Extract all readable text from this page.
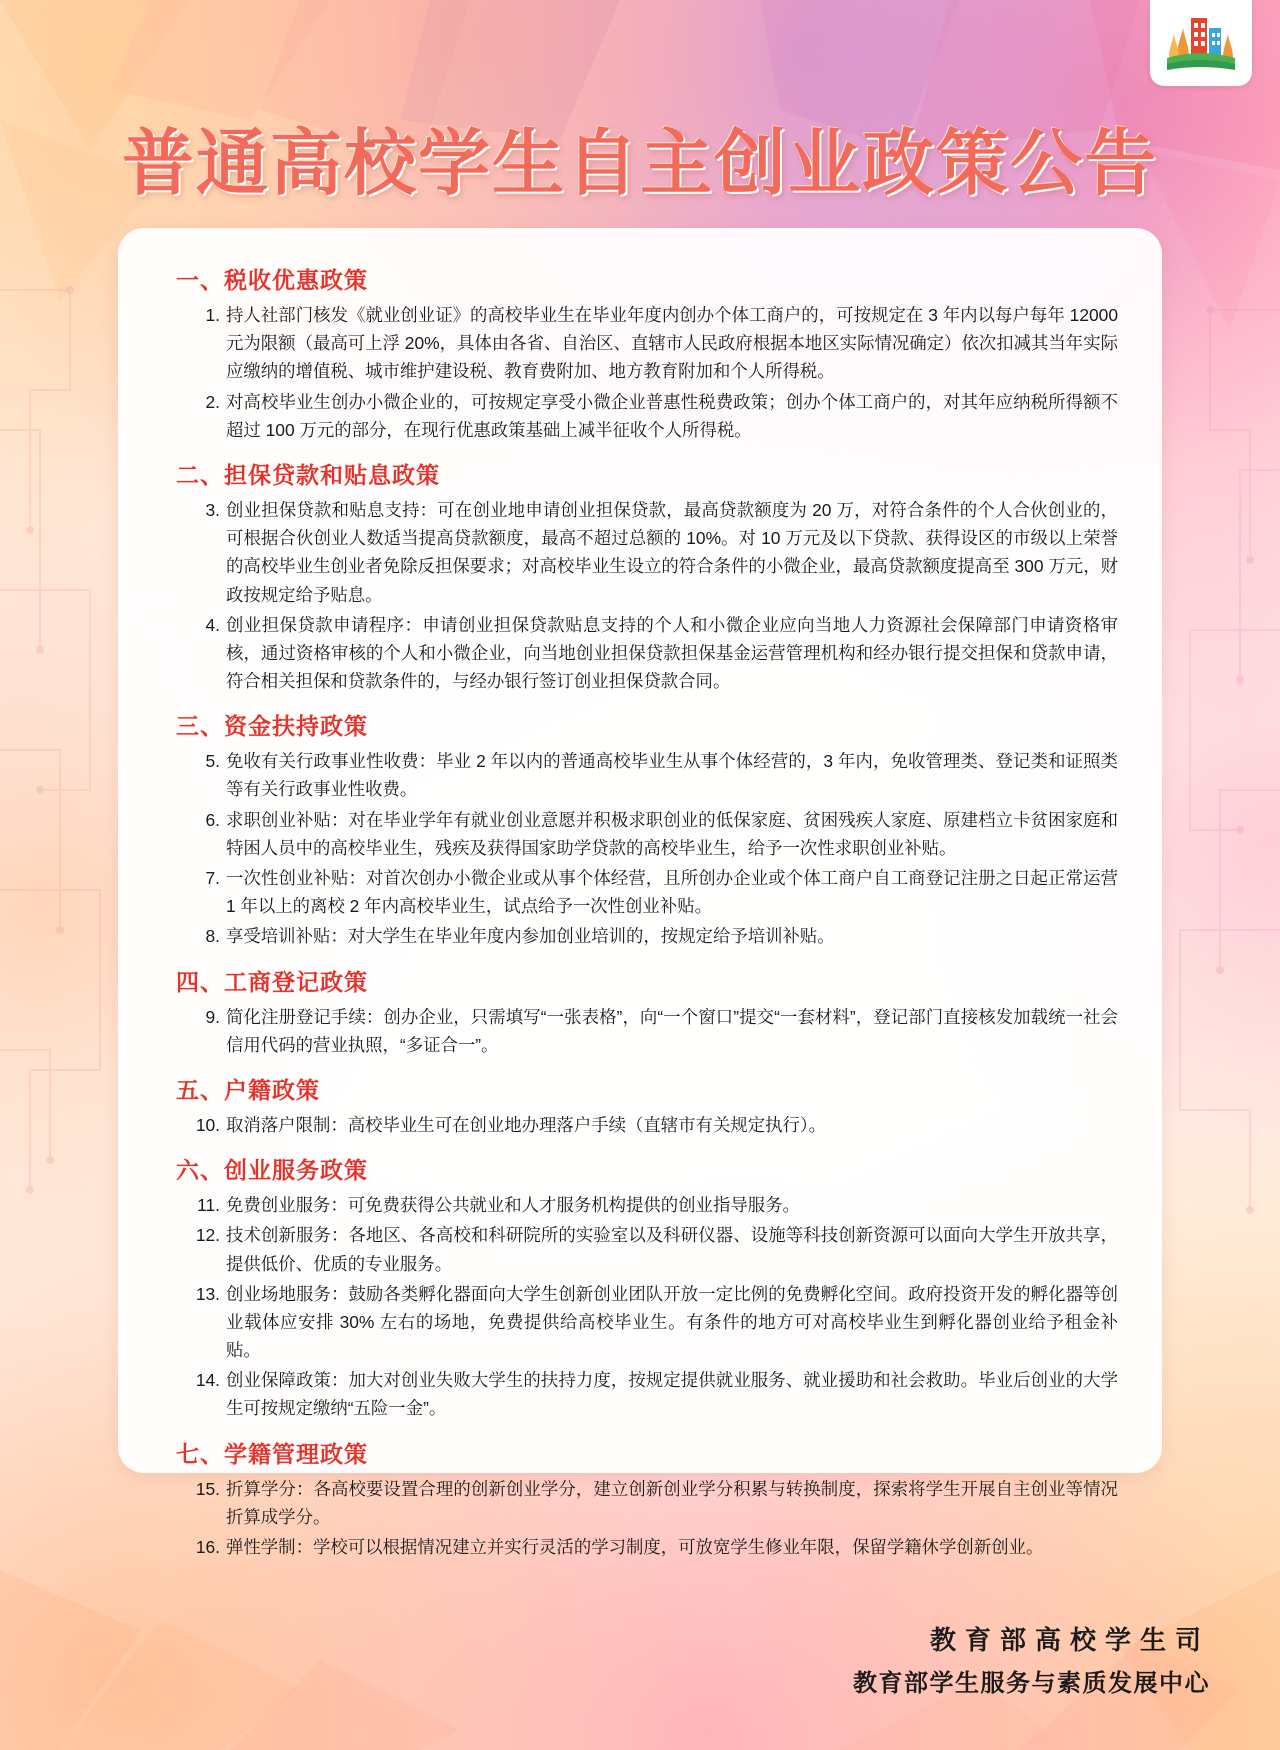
普通高校学生自主创业政策公告
一、税收优惠政策
1. 持人社部门核发《就业创业证》的高校毕业生在毕业年度内创办个体工商户的，可按规定在 3 年内以每户每年 12000 元为限额（最高可上浮 20%，具体由各省、自治区、直辖市人民政府根据本地区实际情况确定）依次扣减其当年实际应缴纳的增值税、城市维护建设税、教育费附加、地方教育附加和个人所得税。
2. 对高校毕业生创办小微企业的，可按规定享受小微企业普惠性税费政策；创办个体工商户的，对其年应纳税所得额不超过 100 万元的部分，在现行优惠政策基础上减半征收个人所得税。
二、担保贷款和贴息政策
3. 创业担保贷款和贴息支持：可在创业地申请创业担保贷款，最高贷款额度为 20 万，对符合条件的个人合伙创业的，可根据合伙创业人数适当提高贷款额度，最高不超过总额的 10%。对 10 万元及以下贷款、获得设区的市级以上荣誉的高校毕业生创业者免除反担保要求；对高校毕业生设立的符合条件的小微企业，最高贷款额度提高至 300 万元，财政按规定给予贴息。
4. 创业担保贷款申请程序：申请创业担保贷款贴息支持的个人和小微企业应向当地人力资源社会保障部门申请资格审核，通过资格审核的个人和小微企业，向当地创业担保贷款担保基金运营管理机构和经办银行提交担保和贷款申请，符合相关担保和贷款条件的，与经办银行签订创业担保贷款合同。
三、资金扶持政策
5. 免收有关行政事业性收费：毕业 2 年以内的普通高校毕业生从事个体经营的，3 年内，免收管理类、登记类和证照类等有关行政事业性收费。
6. 求职创业补贴：对在毕业学年有就业创业意愿并积极求职创业的低保家庭、贫困残疾人家庭、原建档立卡贫困家庭和特困人员中的高校毕业生，残疾及获得国家助学贷款的高校毕业生，给予一次性求职创业补贴。
7. 一次性创业补贴：对首次创办小微企业或从事个体经营，且所创办企业或个体工商户自工商登记注册之日起正常运营 1 年以上的离校 2 年内高校毕业生，试点给予一次性创业补贴。
8. 享受培训补贴：对大学生在毕业年度内参加创业培训的，按规定给予培训补贴。
四、工商登记政策
9. 简化注册登记手续：创办企业，只需填写“一张表格”，向“一个窗口”提交“一套材料”，登记部门直接核发加载统一社会信用代码的营业执照，“多证合一”。
五、户籍政策
10. 取消落户限制：高校毕业生可在创业地办理落户手续（直辖市有关规定执行）。
六、创业服务政策
11. 免费创业服务：可免费获得公共就业和人才服务机构提供的创业指导服务。
12. 技术创新服务：各地区、各高校和科研院所的实验室以及科研仪器、设施等科技创新资源可以面向大学生开放共享，提供低价、优质的专业服务。
13. 创业场地服务：鼓励各类孵化器面向大学生创新创业团队开放一定比例的免费孵化空间。政府投资开发的孵化器等创业载体应安排 30% 左右的场地，免费提供给高校毕业生。有条件的地方可对高校毕业生到孵化器创业给予租金补贴。
14. 创业保障政策：加大对创业失败大学生的扶持力度，按规定提供就业服务、就业援助和社会救助。毕业后创业的大学生可按规定缴纳“五险一金”。
七、学籍管理政策
15. 折算学分：各高校要设置合理的创新创业学分，建立创新创业学分积累与转换制度，探索将学生开展自主创业等情况折算成学分。
16. 弹性学制：学校可以根据情况建立并实行灵活的学习制度，可放宽学生修业年限，保留学籍休学创新创业。
教育部高校学生司
教育部学生服务与素质发展中心
